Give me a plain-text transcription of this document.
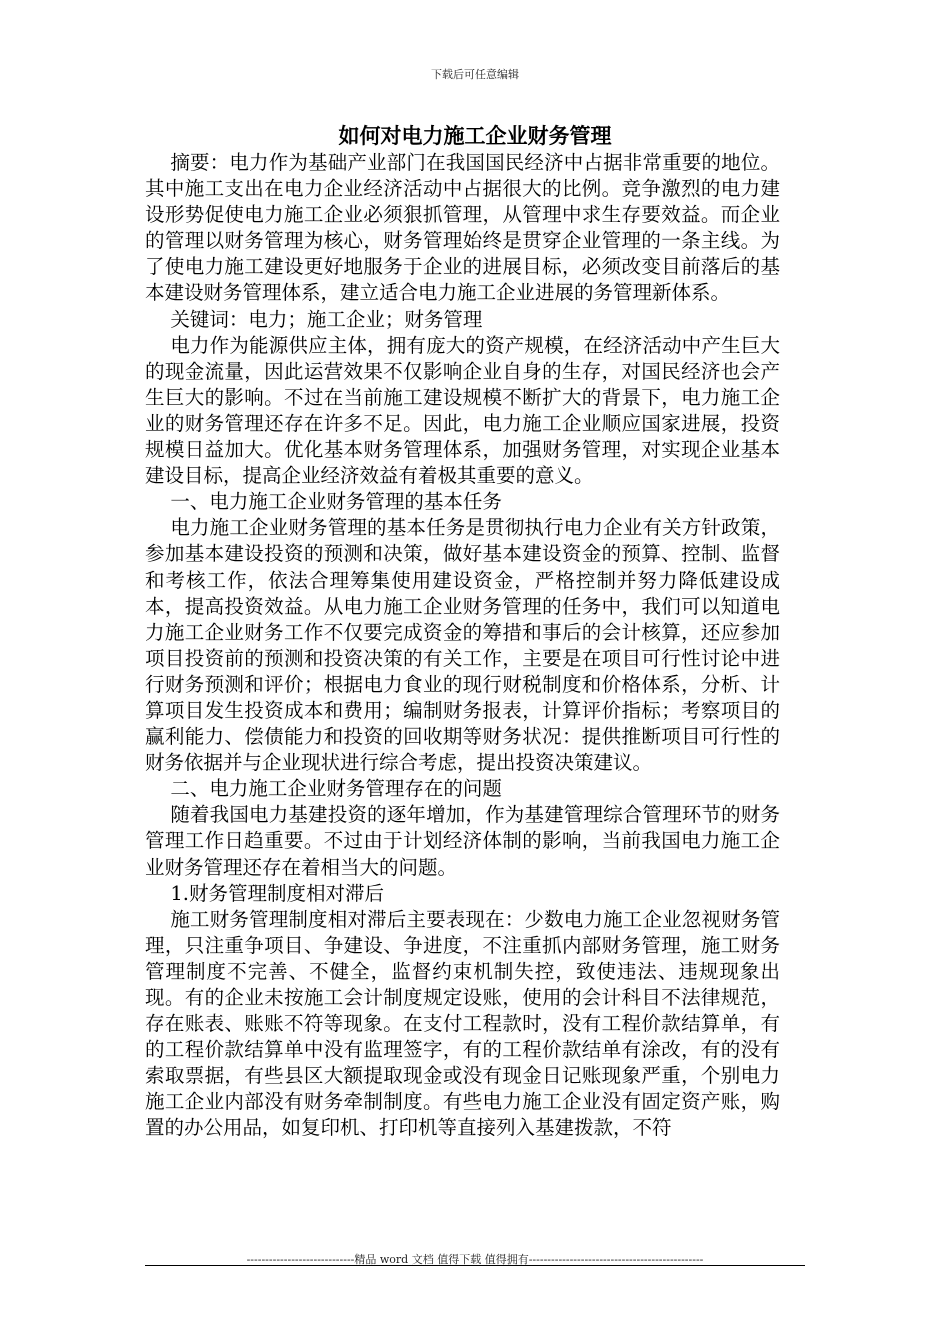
下载后可任意编辑
如何对电力施工企业财务管理

摘要：电力作为基础产业部门在我国国民经济中占据非常重要的地位。其中施工支出在电力企业经济活动中占据很大的比例。竞争激烈的电力建设形势促使电力施工企业必须狠抓管理，从管理中求生存要效益。而企业的管理以财务管理为核心，财务管理始终是贯穿企业管理的一条主线。为了使电力施工建设更好地服务于企业的进展目标，必须改变目前落后的基本建设财务管理体系，建立适合电力施工企业进展的务管理新体系。

关键词：电力；施工企业；财务管理

电力作为能源供应主体，拥有庞大的资产规模，在经济活动中产生巨大的现金流量，因此运营效果不仅影响企业自身的生存，对国民经济也会产生巨大的影响。不过在当前施工建设规模不断扩大的背景下，电力施工企业的财务管理还存在许多不足。因此，电力施工企业顺应国家进展，投资规模日益加大。优化基本财务管理体系，加强财务管理，对实现企业基本建设目标，提高企业经济效益有着极其重要的意义。

一、电力施工企业财务管理的基本任务

电力施工企业财务管理的基本任务是贯彻执行电力企业有关方针政策，参加基本建设投资的预测和决策，做好基本建设资金的预算、控制、监督和考核工作，依法合理筹集使用建设资金，严格控制并努力降低建设成本，提高投资效益。从电力施工企业财务管理的任务中，我们可以知道电力施工企业财务工作不仅要完成资金的筹措和事后的会计核算，还应参加项目投资前的预测和投资决策的有关工作，主要是在项目可行性讨论中进行财务预测和评价；根据电力食业的现行财税制度和价格体系，分析、计算项目发生投资成本和费用；编制财务报表，计算评价指标；考察项目的赢利能力、偿债能力和投资的回收期等财务状况：提供推断项目可行性的财务依据并与企业现状进行综合考虑，提出投资决策建议。

二、电力施工企业财务管理存在的问题

随着我国电力基建投资的逐年增加，作为基建管理综合管理环节的财务管理工作日趋重要。不过由于计划经济体制的影响，当前我国电力施工企业财务管理还存在着相当大的问题。

1.财务管理制度相对滞后

施工财务管理制度相对滞后主要表现在：少数电力施工企业忽视财务管理，只注重争项目、争建设、争进度，不注重抓内部财务管理，施工财务管理制度不完善、不健全，监督约束机制失控，致使违法、违规现象出现。有的企业未按施工会计制度规定设账，使用的会计科目不法律规范，存在账表、账账不符等现象。在支付工程款时，没有工程价款结算单，有的工程价款结算单中没有监理签字，有的工程价款结单有涂改，有的没有索取票据，有些县区大额提取现金或没有现金日记账现象严重，个别电力施工企业内部没有财务牵制制度。有些电力施工企业没有固定资产账，购置的办公用品，如复印机、打印机等直接列入基建拨款，不符

-----------------------------精品 word 文档 值得下载 值得拥有-----------------------------------------------
